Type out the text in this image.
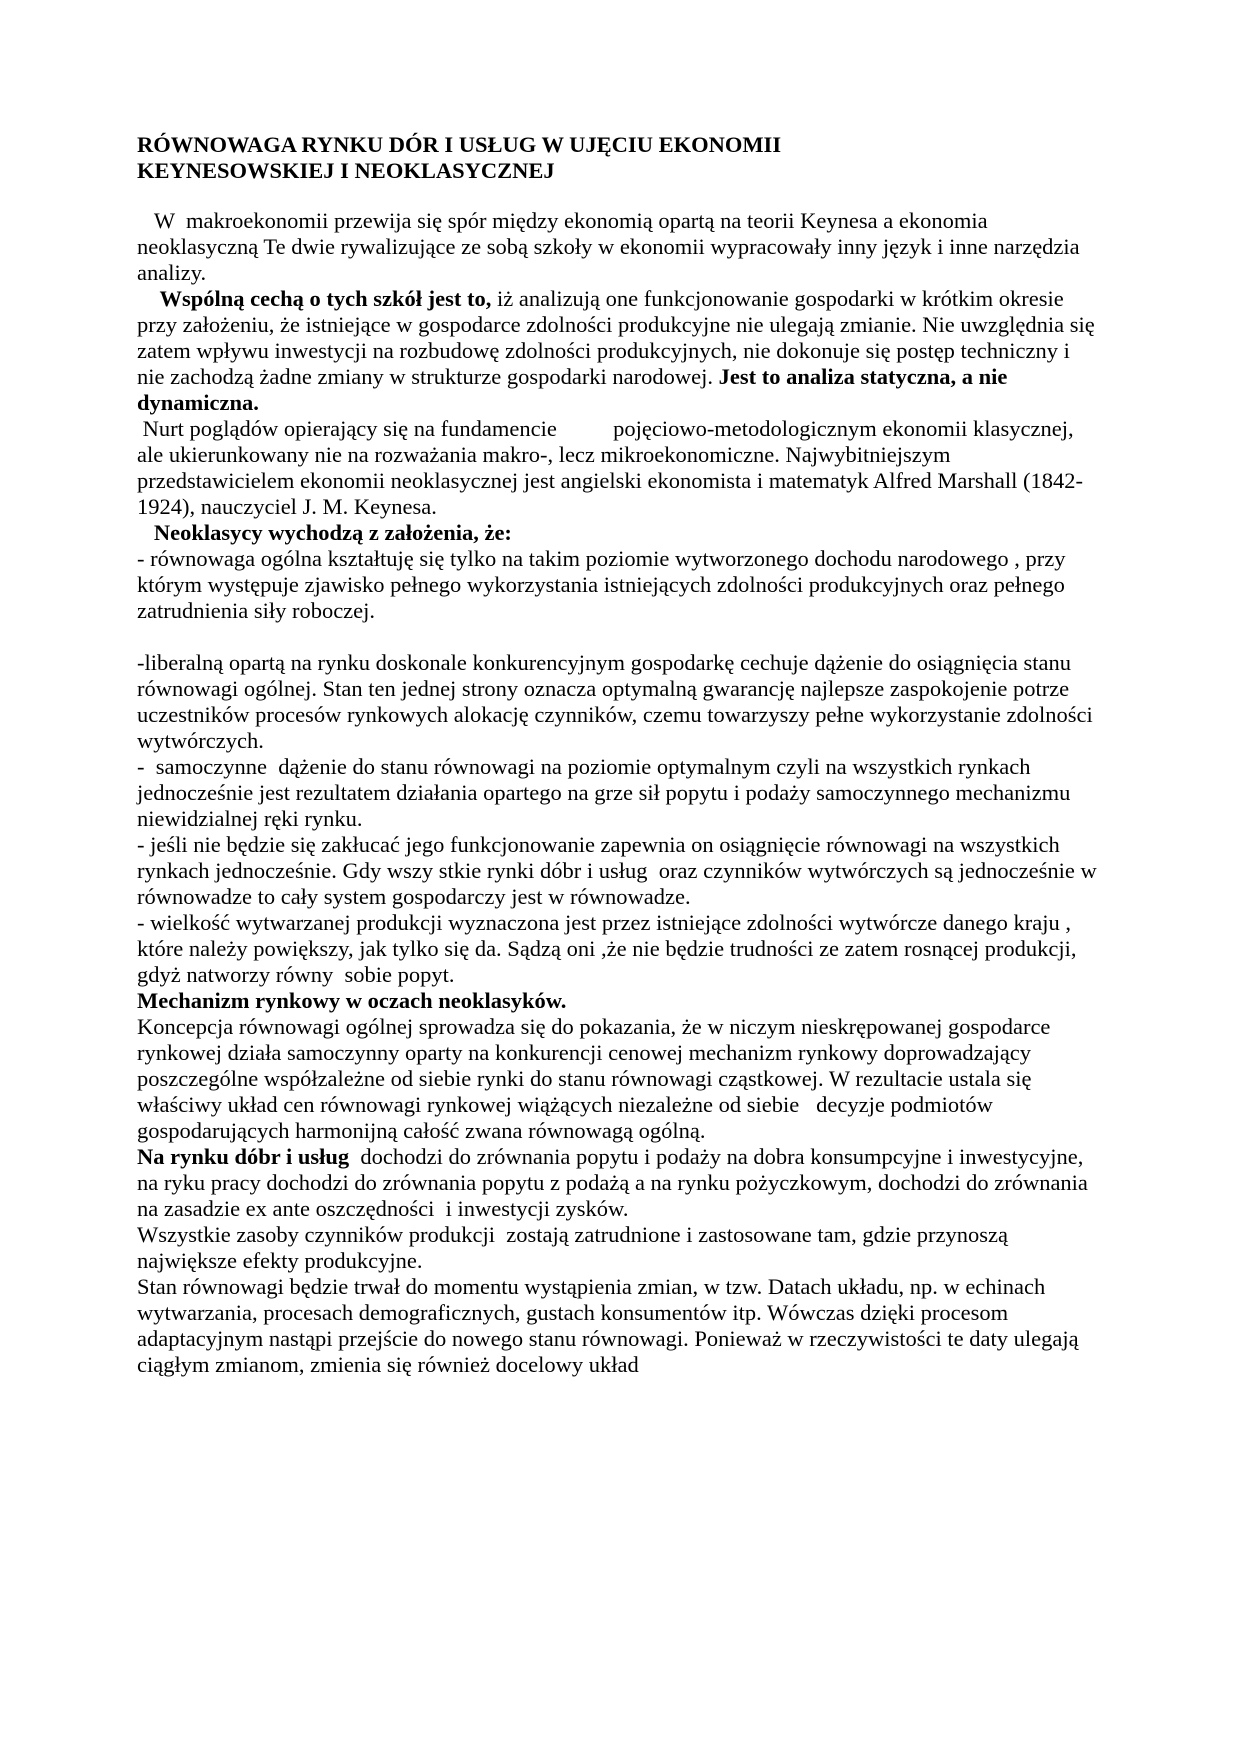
RÓWNOWAGA RYNKU DÓR I USŁUG W UJĘCIU EKONOMII
KEYNESOWSKIEJ I NEOKLASYCZNEJ

W  makroekonomii przewija się spór między ekonomią opartą na teorii Keynesa a ekonomia neoklasyczną Te dwie rywalizujące ze sobą szkoły w ekonomii wypracowały inny język i inne narzędzia analizy.

Wspólną cechą o tych szkół jest to, iż analizują one funkcjonowanie gospodarki w krótkim okresie przy założeniu, że istniejące w gospodarce zdolności produkcyjne nie ulegają zmianie. Nie uwzględnia się zatem wpływu inwestycji na rozbudowę zdolności produkcyjnych, nie dokonuje się postęp techniczny i  nie zachodzą żadne zmiany w strukturze gospodarki narodowej. Jest to analiza statyczna, a nie dynamiczna.

Nurt poglądów opierający się na fundamencie          pojęciowo-metodologicznym ekonomii klasycznej, ale ukierunkowany nie na rozważania makro-, lecz mikroekonomiczne. Najwybitniejszym przedstawicielem ekonomii neoklasycznej jest angielski ekonomista i matematyk Alfred Marshall (1842-1924), nauczyciel J. M. Keynesa.

Neoklasycy wychodzą z założenia, że:

- równowaga ogólna kształtuję się tylko na takim poziomie wytworzonego dochodu narodowego , przy którym występuje zjawisko pełnego wykorzystania istniejących zdolności produkcyjnych oraz pełnego zatrudnienia siły roboczej.

-liberalną opartą na rynku doskonale konkurencyjnym gospodarkę cechuje dążenie do osiągnięcia stanu równowagi ogólnej. Stan ten jednej strony oznacza optymalną gwarancję najlepsze zaspokojenie potrze uczestników procesów rynkowych alokację czynników, czemu towarzyszy pełne wykorzystanie zdolności wytwórczych.

-  samoczynne  dążenie do stanu równowagi na poziomie optymalnym czyli na wszystkich rynkach jednocześnie jest rezultatem działania opartego na grze sił popytu i podaży samoczynnego mechanizmu niewidzialnej ręki rynku.

- jeśli nie będzie się zakłucać jego funkcjonowanie zapewnia on osiągnięcie równowagi na wszystkich rynkach jednocześnie. Gdy wszy stkie rynki dóbr i usług  oraz czynników wytwórczych są jednocześnie w równowadze to cały system gospodarczy jest w równowadze.

- wielkość wytwarzanej produkcji wyznaczona jest przez istniejące zdolności wytwórcze danego kraju , które należy powiększy, jak tylko się da. Sądzą oni ,że nie będzie trudności ze zatem rosnącej produkcji, gdyż natworzy równy  sobie popyt.

Mechanizm rynkowy w oczach neoklasyków.

Koncepcja równowagi ogólnej sprowadza się do pokazania, że w niczym nieskrępowanej gospodarce rynkowej działa samoczynny oparty na konkurencji cenowej mechanizm rynkowy doprowadzający poszczególne współzależne od siebie rynki do stanu równowagi cząstkowej. W rezultacie ustala się właściwy układ cen równowagi rynkowej wiążących niezależne od siebie   decyzje podmiotów gospodarujących harmonijną całość zwana równowagą ogólną.

Na rynku dóbr i usług  dochodzi do zrównania popytu i podaży na dobra konsumpcyjne i inwestycyjne, na ryku pracy dochodzi do zrównania popytu z podażą a na rynku pożyczkowym, dochodzi do zrównania  na zasadzie ex ante oszczędności  i inwestycji zysków.

Wszystkie zasoby czynników produkcji  zostają zatrudnione i zastosowane tam, gdzie przynoszą największe efekty produkcyjne.

Stan równowagi będzie trwał do momentu wystąpienia zmian, w tzw. Datach układu, np. w echinach wytwarzania, procesach demograficznych, gustach konsumentów itp. Wówczas dzięki procesom adaptacyjnym nastąpi przejście do nowego stanu równowagi. Ponieważ w rzeczywistości te daty ulegają ciągłym zmianom, zmienia się również docelowy układ
